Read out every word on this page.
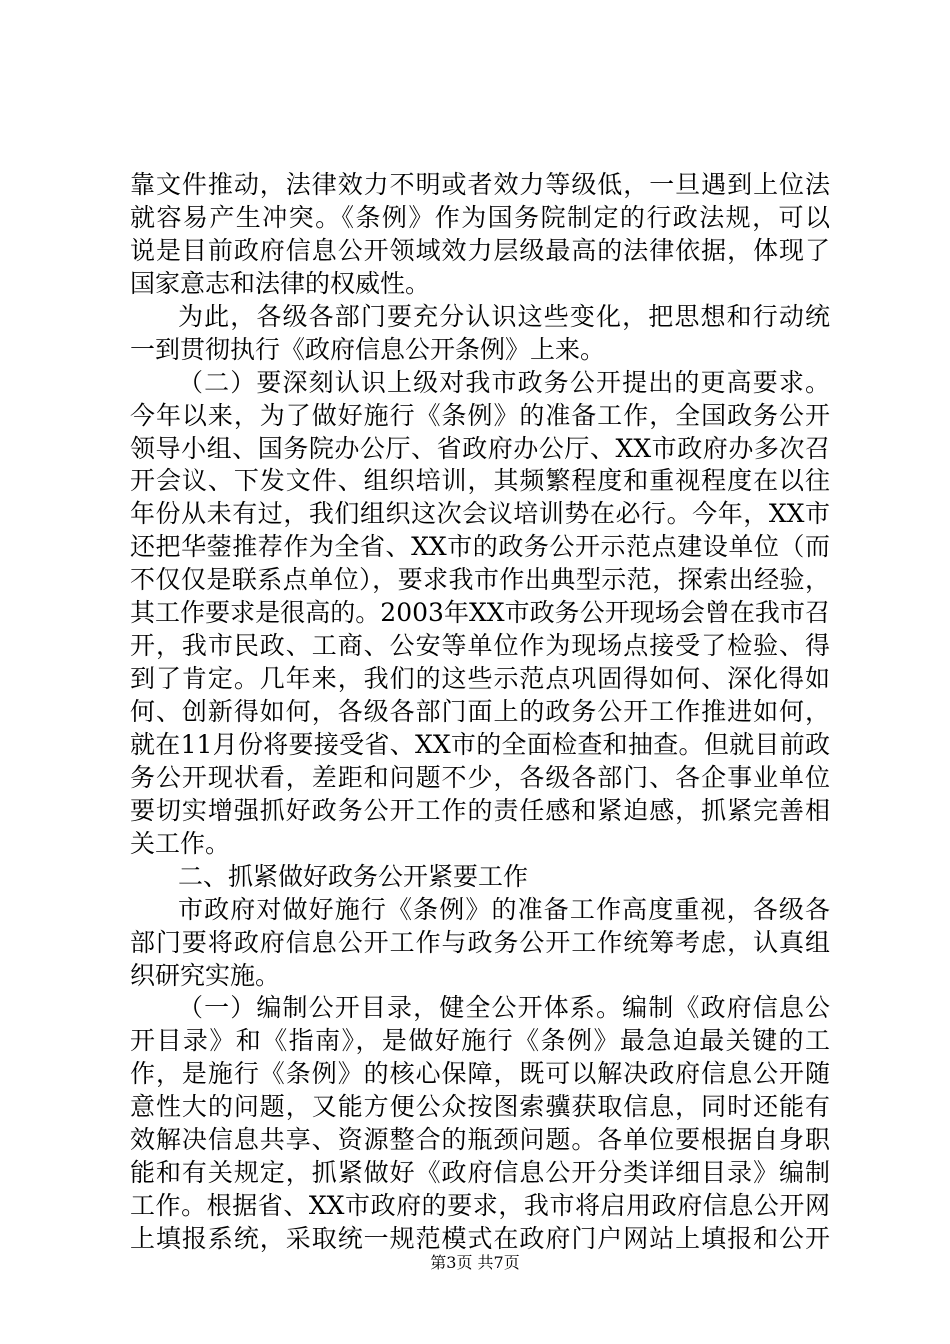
靠文件推动，法律效力不明或者效力等级低，一旦遇到上位法
就容易产生冲突。《条例》作为国务院制定的行政法规，可以
说是目前政府信息公开领域效力层级最高的法律依据，体现了
国家意志和法律的权威性。
为此，各级各部门要充分认识这些变化，把思想和行动统
一到贯彻执行《政府信息公开条例》上来。
（二）要深刻认识上级对我市政务公开提出的更高要求。
今年以来，为了做好施行《条例》的准备工作，全国政务公开
领导小组、国务院办公厅、省政府办公厅、XX市政府办多次召
开会议、下发文件、组织培训，其频繁程度和重视程度在以往
年份从未有过，我们组织这次会议培训势在必行。今年，XX市
还把华蓥推荐作为全省、XX市的政务公开示范点建设单位（而
不仅仅是联系点单位），要求我市作出典型示范，探索出经验，
其工作要求是很高的。2003年XX市政务公开现场会曾在我市召
开，我市民政、工商、公安等单位作为现场点接受了检验、得
到了肯定。几年来，我们的这些示范点巩固得如何、深化得如
何、创新得如何，各级各部门面上的政务公开工作推进如何，
就在11月份将要接受省、XX市的全面检查和抽查。但就目前政
务公开现状看，差距和问题不少，各级各部门、各企事业单位
要切实增强抓好政务公开工作的责任感和紧迫感，抓紧完善相
关工作。
二、抓紧做好政务公开紧要工作
市政府对做好施行《条例》的准备工作高度重视，各级各
部门要将政府信息公开工作与政务公开工作统筹考虑，认真组
织研究实施。
（一）编制公开目录，健全公开体系。编制《政府信息公
开目录》和《指南》，是做好施行《条例》最急迫最关键的工
作，是施行《条例》的核心保障，既可以解决政府信息公开随
意性大的问题，又能方便公众按图索骥获取信息，同时还能有
效解决信息共享、资源整合的瓶颈问题。各单位要根据自身职
能和有关规定，抓紧做好《政府信息公开分类详细目录》编制
工作。根据省、XX市政府的要求，我市将启用政府信息公开网
上填报系统，采取统一规范模式在政府门户网站上填报和公开
第3页 共7页
